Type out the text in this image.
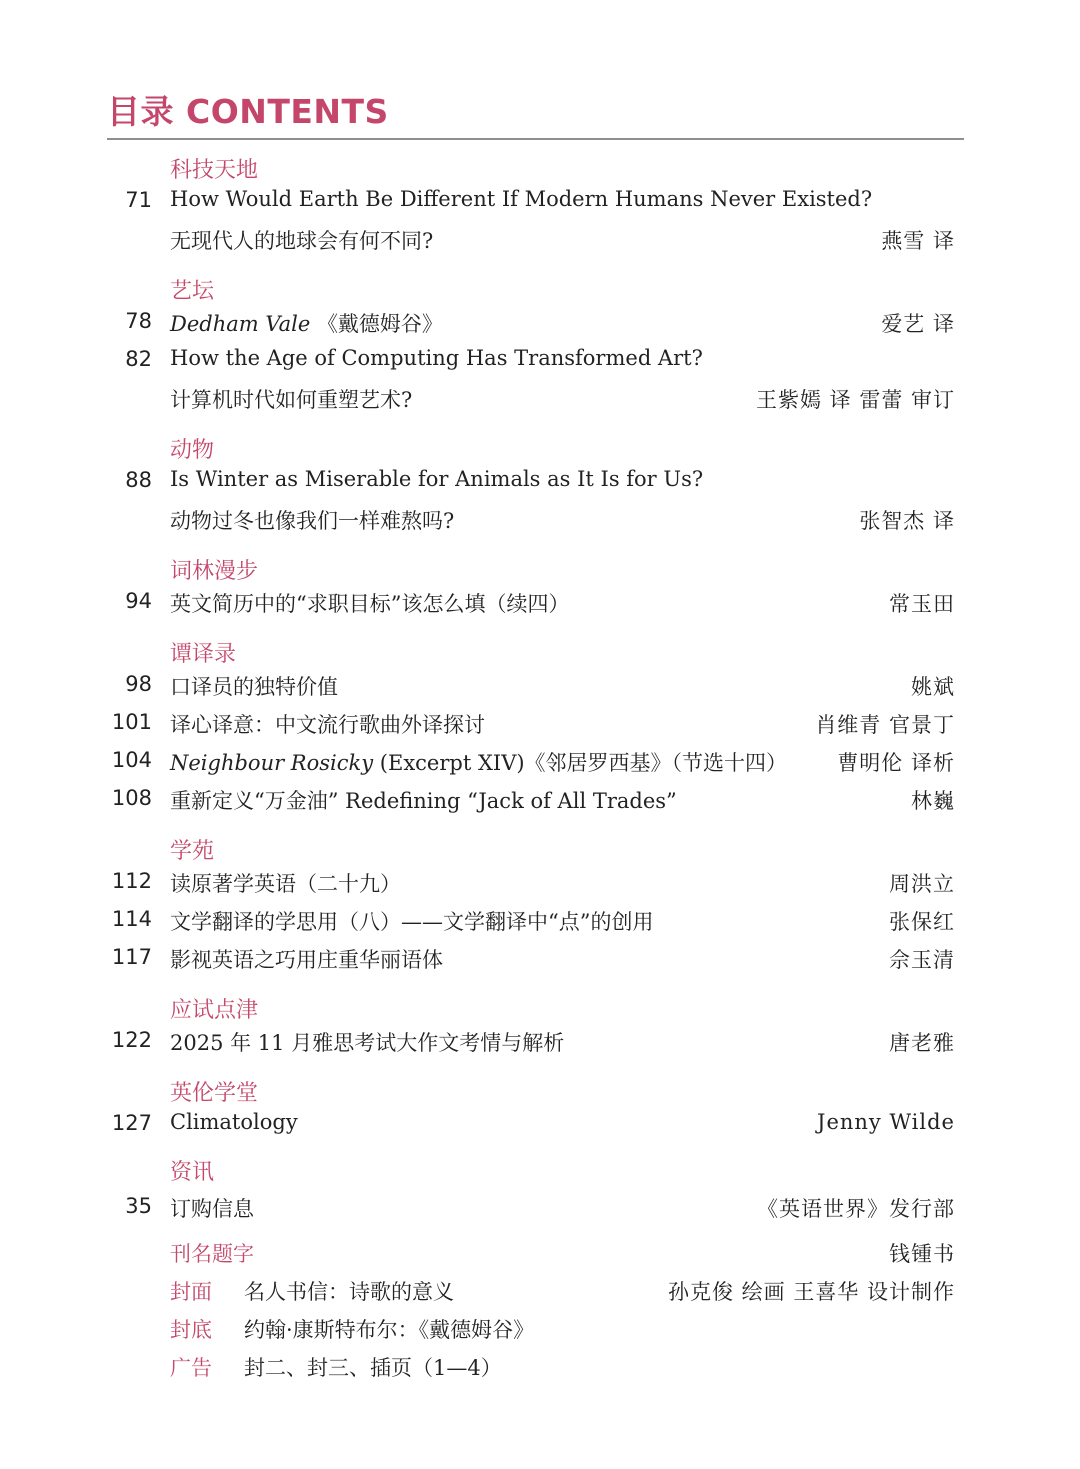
目录 CONTENTS
科技天地
71 How Would Earth Be Different If Modern Humans Never Existed?
无现代人的地球会有何不同?	燕雪 译
艺坛
78 Dedham Vale 《戴德姆谷》	爱艺 译
82 How the Age of Computing Has Transformed Art?
计算机时代如何重塑艺术?	王紫嫣 译 雷蕾 审订
动物
88 Is Winter as Miserable for Animals as It Is for Us?
动物过冬也像我们一样难熬吗?	张智杰 译
词林漫步
94 英文简历中的“求职目标”该怎么填（续四）	常玉田
谭译录
98 口译员的独特价值	姚斌
101 译心译意：中文流行歌曲外译探讨	肖维青 官景丁
104 Neighbour Rosicky (Excerpt XIV)《邻居罗西基》（节选十四） 曹明伦 译析
108 重新定义“万金油” Redefining “Jack of All Trades”	林巍
学苑
112 读原著学英语（二十九）	周洪立
114 文学翻译的学思用（八）——文学翻译中“点”的创用	张保红
117 影视英语之巧用庄重华丽语体	佘玉清
应试点津
122 2025 年 11 月雅思考试大作文考情与解析	唐老雅
英伦学堂
127 Climatology	Jenny Wilde
资讯
35 订购信息	《英语世界》发行部
刊名题字	钱锺书
封面 名人书信：诗歌的意义	孙克俊 绘画 王喜华 设计制作
封底 约翰·康斯特布尔：《戴德姆谷》
广告 封二、封三、插页（1—4）
